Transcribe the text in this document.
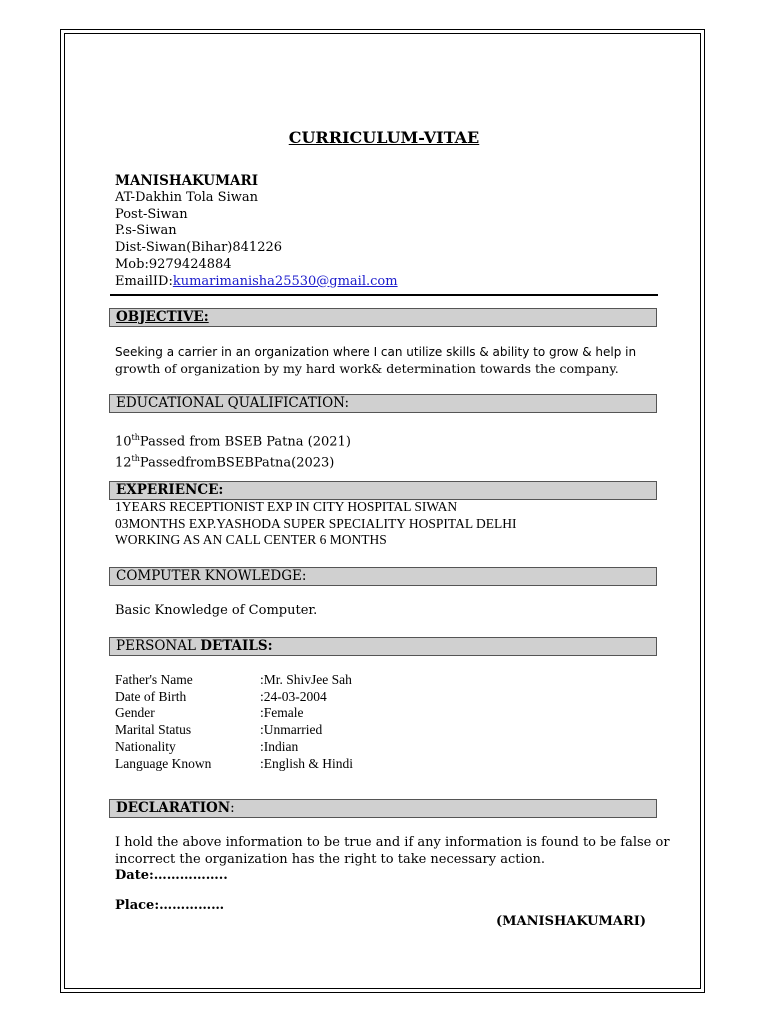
CURRICULUM-VITAE
MANISHAKUMARI
AT-Dakhin Tola Siwan
Post-Siwan
P.s-Siwan
Dist-Siwan(Bihar)841226
Mob:9279424884
EmailID:kumarimanisha25530@gmail.com
OBJECTIVE:
Seeking a carrier in an organization where I can utilize skills & ability to grow & help in
growth of organization by my hard work& determination towards the company.
EDUCATIONAL QUALIFICATION:
10thPassed from BSEB Patna (2021)
12thPassedfromBSEBPatna(2023)
EXPERIENCE:
1YEARS RECEPTIONIST EXP IN CITY HOSPITAL SIWAN
03MONTHS EXP.YASHODA SUPER SPECIALITY HOSPITAL DELHI
WORKING AS AN CALL CENTER 6 MONTHS
COMPUTER KNOWLEDGE:
Basic Knowledge of Computer.
PERSONAL DETAILS:
Father's Name	:Mr. ShivJee Sah
Date of Birth	:24-03-2004
Gender	:Female
Marital Status	:Unmarried
Nationality	:Indian
Language Known	:English & Hindi
DECLARATION:
I hold the above information to be true and if any information is found to be false or
incorrect the organization has the right to take necessary action.
Date:……………..
Place:……………
(MANISHAKUMARI)
